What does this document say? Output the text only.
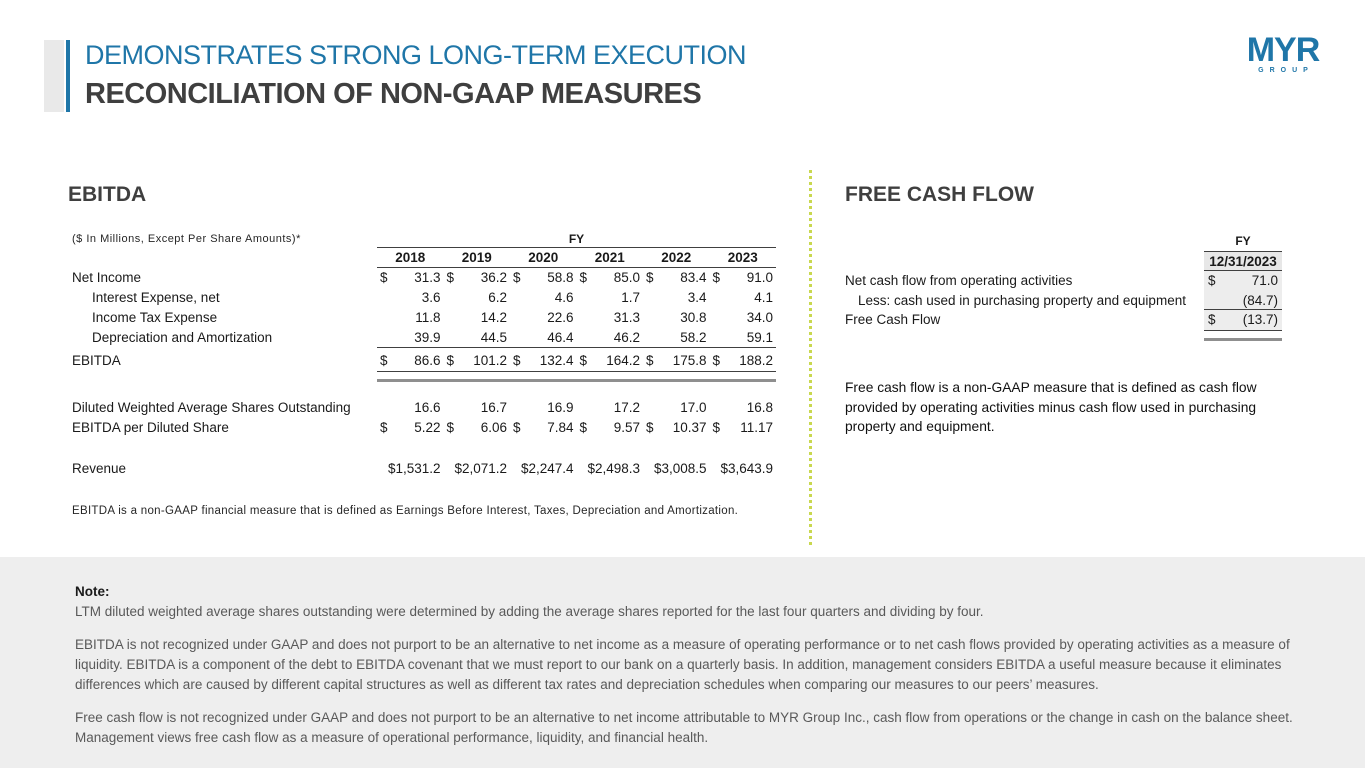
DEMONSTRATES STRONG LONG-TERM EXECUTION
RECONCILIATION OF NON-GAAP MEASURES
MYR
GROUP
EBITDA
($ In Millions, Except Per Share Amounts)*	FY
2018	2019	2020	2021	2022	2023
Net Income	$ 31.3 $ 36.2 $ 58.8 $ 85.0 $ 83.4 $ 91.0
Interest Expense, net	3.6	6.2	4.6	1.7	3.4	4.1
Income Tax Expense	11.8	14.2	22.6	31.3	30.8	34.0
Depreciation and Amortization	39.9	44.5	46.4	46.2	58.2	59.1
EBITDA	$ 86.6 $ 101.2 $ 132.4 $ 164.2 $ 175.8 $ 188.2
Diluted Weighted Average Shares Outstanding	16.6	16.7	16.9	17.2	17.0	16.8
EBITDA per Diluted Share	$ 5.22 $ 6.06 $ 7.84 $ 9.57 $ 10.37 $ 11.17
Revenue	$1,531.2 $2,071.2 $2,247.4 $2,498.3 $3,008.5 $3,643.9
EBITDA is a non-GAAP financial measure that is defined as Earnings Before Interest, Taxes, Depreciation and Amortization.
FREE CASH FLOW
FY
12/31/2023
Net cash flow from operating activities	$	71.0
Less: cash used in purchasing property and equipment	(84.7)
Free Cash Flow	$ (13.7)
Free cash flow is a non-GAAP measure that is defined as cash flow provided by operating activities minus cash flow used in purchasing property and equipment.
Note:
LTM diluted weighted average shares outstanding were determined by adding the average shares reported for the last four quarters and dividing by four.
EBITDA is not recognized under GAAP and does not purport to be an alternative to net income as a measure of operating performance or to net cash flows provided by operating activities as a measure of liquidity. EBITDA is a component of the debt to EBITDA covenant that we must report to our bank on a quarterly basis. In addition, management considers EBITDA a useful measure because it eliminates differences which are caused by different capital structures as well as different tax rates and depreciation schedules when comparing our measures to our peers’ measures.
Free cash flow is not recognized under GAAP and does not purport to be an alternative to net income attributable to MYR Group Inc., cash flow from operations or the change in cash on the balance sheet. Management views free cash flow as a measure of operational performance, liquidity, and financial health.
